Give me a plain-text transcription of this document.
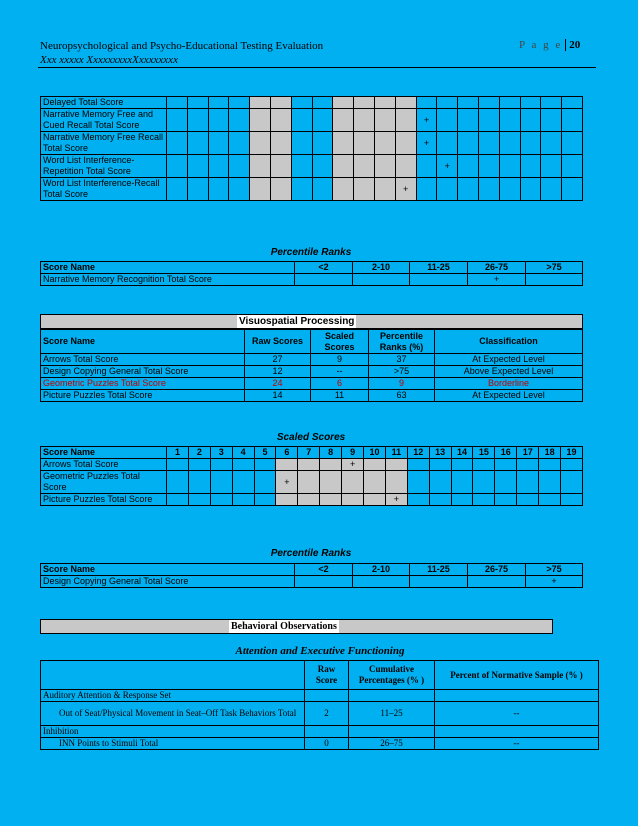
Neuropsychological and Psycho-Educational Testing Evaluation
Xxx xxxxx XxxxxxxxxXxxxxxxxx
P a g e 20
Delayed Total Score																				
Narrative Memory Free and Cued Recall Total Score													+							
Narrative Memory Free Recall Total Score													+							
Word List Interference-Repetition Total Score														+						
Word List Interference-Recall Total Score												+								
Percentile Ranks
Score Name	<2	2-10	11-25	26-75	>75
Narrative Memory Recognition Total Score				+	
Visuospatial Processing
Score Name	Raw Scores	Scaled Scores	Percentile Ranks (%)	Classification
Arrows Total Score	27	9	37	At Expected Level
Design Copying General Total Score	12	--	>75	Above Expected Level
Geometric Puzzles Total Score	24	6	9	Borderline
Picture Puzzles Total Score	14	11	63	At Expected Level
Scaled Scores
Score Name	1	2	3	4	5	6	7	8	9	10	11	12	13	14	15	16	17	18	19
Arrows Total Score									+										
Geometric Puzzles Total Score						+													
Picture Puzzles Total Score											+								
Percentile Ranks
Score Name	<2	2-10	11-25	26-75	>75
Design Copying General Total Score					+
Behavioral Observations
Attention and Executive Functioning
	Raw Score	Cumulative Percentages (% )	Percent of Normative Sample (% )
Auditory Attention & Response Set			
Out of Seat/Physical Movement in Seat–Off Task Behaviors Total	2	11–25	--
Inhibition			
INN Points to Stimuli Total	0	26–75	--
